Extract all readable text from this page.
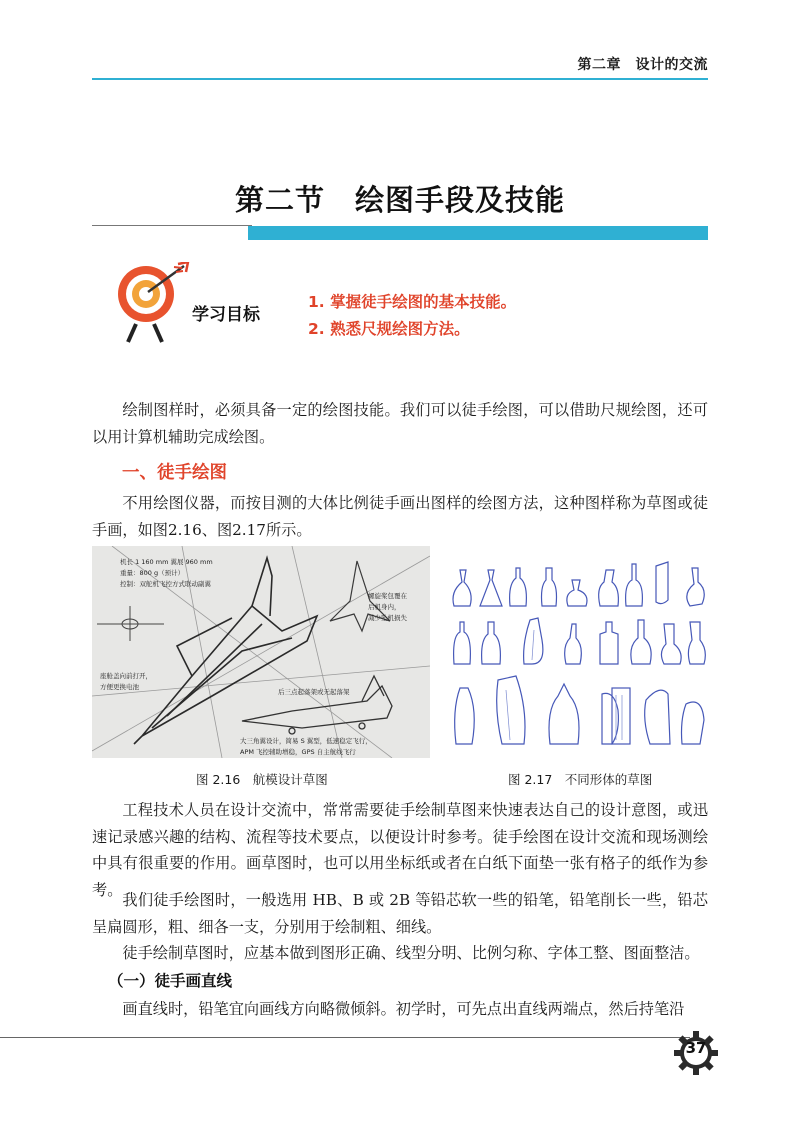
第二章　设计的交流
第二节　绘图手段及技能
学习目标
1. 掌握徒手绘图的基本技能。
2. 熟悉尺规绘图方法。

绘制图样时，必须具备一定的绘图技能。我们可以徒手绘图，可以借助尺规绘图，还可以用计算机辅助完成绘图。

一、徒手绘图

不用绘图仪器，而按目测的大体比例徒手画出图样的绘图方法，这种图样称为草图或徒手画，如图2.16、图2.17所示。

机长 1 160 mm 翼展 960 mm
重量：800 g（预计）
控制：双舵机飞控方式联动副翼
螺旋桨包覆在
后机身内，
减少坠机损失
座舱盖向前打开，
方便更换电池
后三点起落架或无起落架
大三角翼设计，简易 S 翼型，低速稳定飞行，
APM 飞控辅助增稳，GPS 自主航线飞行
图 2.16　航模设计草图	图 2.17　不同形体的草图

工程技术人员在设计交流中，常常需要徒手绘制草图来快速表达自己的设计意图，或迅速记录感兴趣的结构、流程等技术要点，以便设计时参考。徒手绘图在设计交流和现场测绘中具有很重要的作用。画草图时，也可以用坐标纸或者在白纸下面垫一张有格子的纸作为参考。

我们徒手绘图时，一般选用 HB、B 或 2B 等铅芯软一些的铅笔，铅笔削长一些，铅芯呈扁圆形，粗、细各一支，分别用于绘制粗、细线。

徒手绘制草图时，应基本做到图形正确、线型分明、比例匀称、字体工整、图面整洁。

（一）徒手画直线

画直线时，铅笔宜向画线方向略微倾斜。初学时，可先点出直线两端点，然后持笔沿

37
